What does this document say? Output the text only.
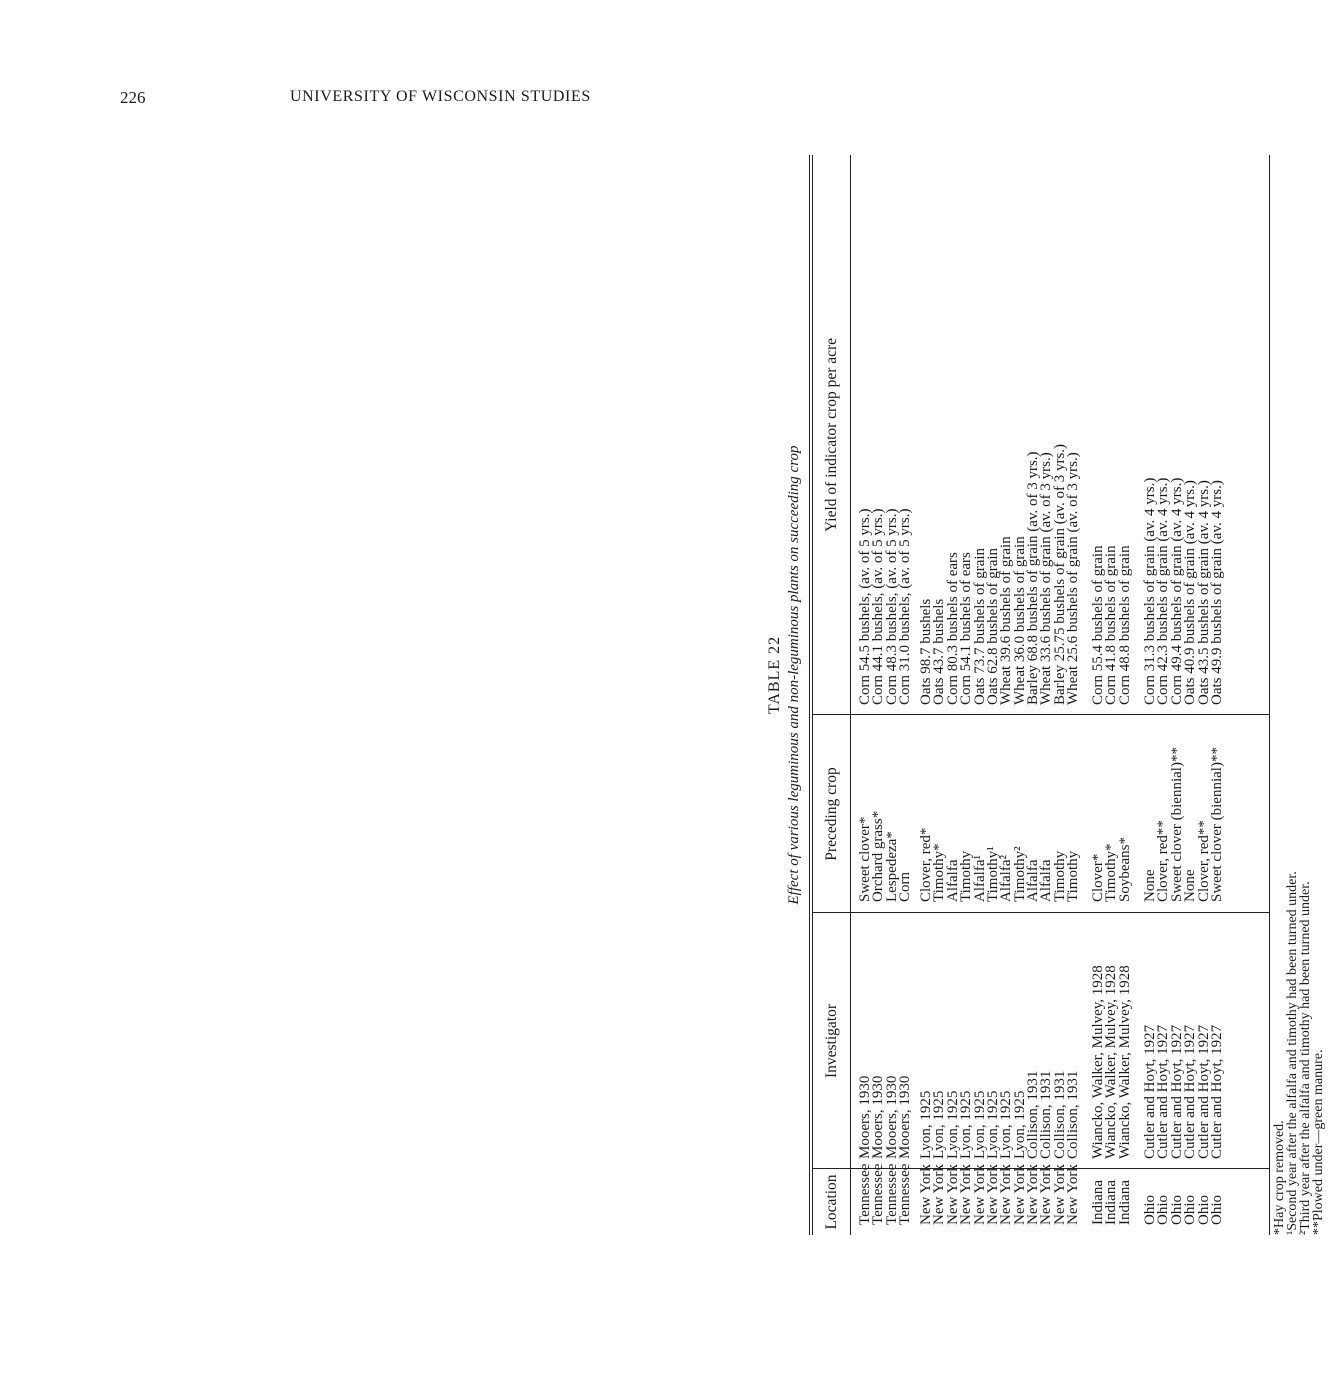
226	UNIVERSITY OF WISCONSIN STUDIES
TABLE 22 Effect of various leguminous and non-leguminous plants on succeeding crop
Location
Investigator
Preceding crop
Yield of indicator crop per acre
Tennessee
Tennessee
Tennessee
Tennessee
Mooers, 1930
Mooers, 1930
Mooers, 1930
Mooers, 1930
Sweet clover*
Orchard grass*
Lespedeza*
Corn
Corn 54.5 bushels, (av. of 5 yrs.)
Corn 44.1 bushels, (av. of 5 yrs.)
Corn 48.3 bushels, (av. of 5 yrs.)
Corn 31.0 bushels, (av. of 5 yrs.)
New York
New York
New York
New York
New York
New York
New York
New York
Lyon, 1925
Lyon, 1925
Lyon, 1925
Lyon, 1925
Lyon, 1925
Lyon, 1925
Lyon, 1925
Lyon, 1925
Clover, red*
Timothy*
Alfalfa
Timothy
Alfalfa¹
Timothy¹
Alfalfa²
Timothy²
Oats 98.7 bushels
Oats 43.7 bushels
Corn 80.3 bushels of ears
Corn 54.1 bushels of ears
Oats 73.7 bushels of grain
Oats 62.8 bushels of grain
Wheat 39.6 bushels of grain
Wheat 36.0 bushels of grain
New York
New York
New York
New York
Collison, 1931
Collison, 1931
Collison, 1931
Collison, 1931
Alfalfa
Alfalfa
Timothy
Timothy
Barley 68.8 bushels of grain (av. of 3 yrs.)
Wheat 33.6 bushels of grain (av. of 3 yrs.)
Barley 25.75 bushels of grain (av. of 3 yrs.)
Wheat 25.6 bushels of grain (av. of 3 yrs.)
Indiana
Indiana
Indiana
Wiancko, Walker, Mulvey, 1928
Wiancko, Walker, Mulvey, 1928
Wiancko, Walker, Mulvey, 1928
Clover*
Timothy*
Soybeans*
Corn 55.4 bushels of grain
Corn 41.8 bushels of grain
Corn 48.8 bushels of grain
Ohio
Ohio
Ohio
Ohio
Ohio
Ohio
Cutler and Hoyt, 1927
Cutler and Hoyt, 1927
Cutler and Hoyt, 1927
Cutler and Hoyt, 1927
Cutler and Hoyt, 1927
Cutler and Hoyt, 1927
None
Clover, red**
Sweet clover (biennial)**
None
Clover, red**
Sweet clover (biennial)**
Corn 31.3 bushels of grain (av. 4 yrs.)
Corn 42.3 bushels of grain (av. 4 yrs.)
Corn 49.4 bushels of grain (av. 4 yrs.)
Oats 40.9 bushels of grain (av. 4 yrs.)
Oats 43.5 bushels of grain (av. 4 yrs.)
Oats 49.9 bushels of grain (av. 4 yrs.)
*Hay crop removed.
¹Second year after the alfalfa and timothy had been turned under.
²Third year after the alfalfa and timothy had been turned under.
**Plowed under—green manure.
